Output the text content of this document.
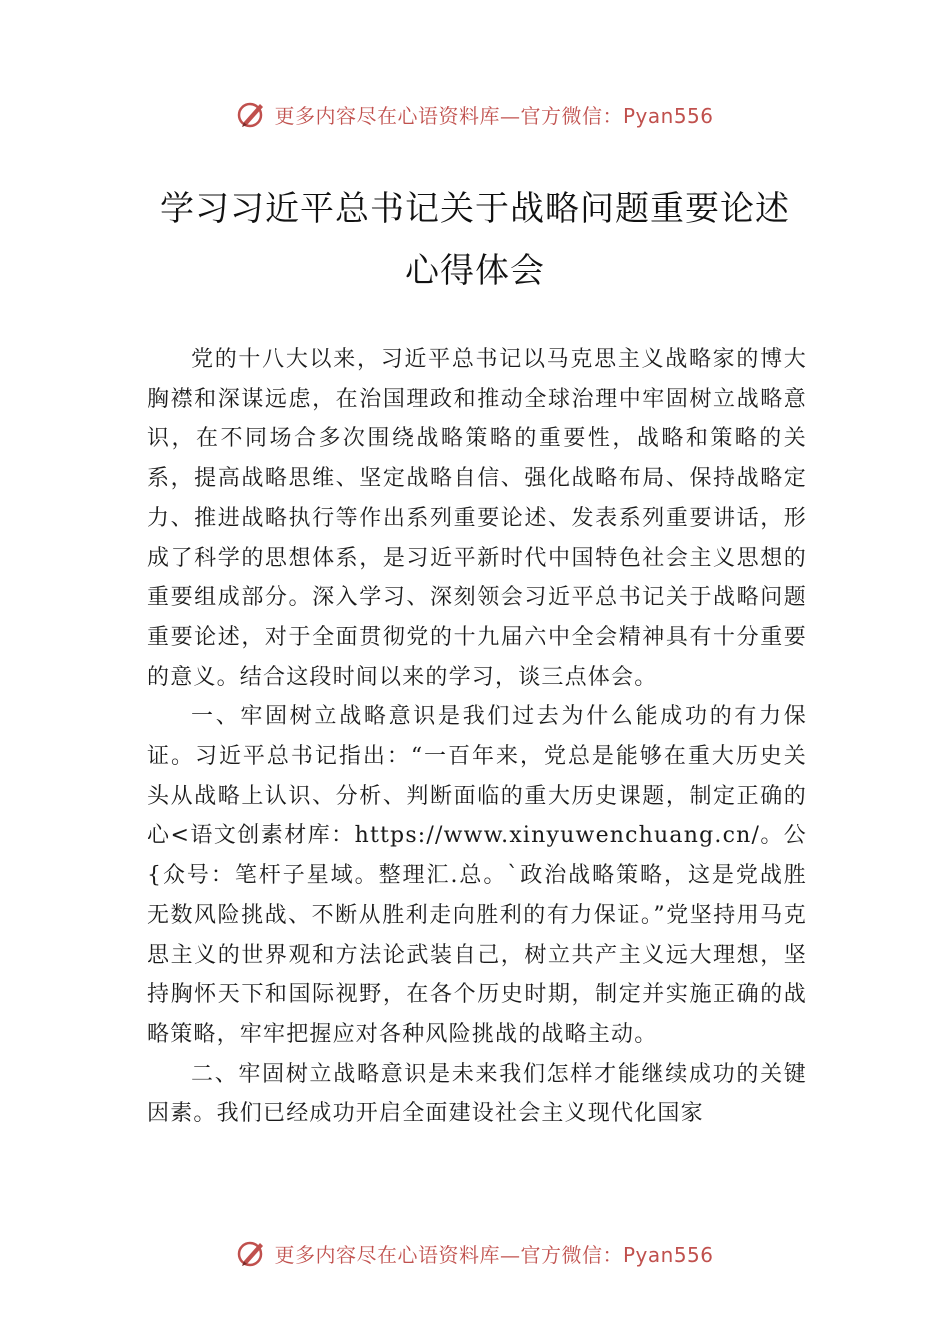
更多内容尽在心语资料库—官方微信：Pyan556
学习习近平总书记关于战略问题重要论述
心得体会

党的十八大以来，习近平总书记以马克思主义战略家的博大胸襟和深谋远虑，在治国理政和推动全球治理中牢固树立战略意识，在不同场合多次围绕战略策略的重要性，战略和策略的关系，提高战略思维、坚定战略自信、强化战略布局、保持战略定力、推进战略执行等作出系列重要论述、发表系列重要讲话，形成了科学的思想体系，是习近平新时代中国特色社会主义思想的重要组成部分。深入学习、深刻领会习近平总书记关于战略问题重要论述，对于全面贯彻党的十九届六中全会精神具有十分重要的意义。结合这段时间以来的学习，谈三点体会。

一、牢固树立战略意识是我们过去为什么能成功的有力保证。习近平总书记指出：“一百年来，党总是能够在重大历史关头从战略上认识、分析、判断面临的重大历史课题，制定正确的心<语文创素材库：https://www.xinyuwenchuang.cn/。公{众号：笔杆子星域。整理汇.总。`政治战略策略，这是党战胜无数风险挑战、不断从胜利走向胜利的有力保证。”党坚持用马克思主义的世界观和方法论武装自己，树立共产主义远大理想，坚持胸怀天下和国际视野，在各个历史时期，制定并实施正确的战略策略，牢牢把握应对各种风险挑战的战略主动。

二、牢固树立战略意识是未来我们怎样才能继续成功的关键因素。我们已经成功开启全面建设社会主义现代化国家

更多内容尽在心语资料库—官方微信：Pyan556
